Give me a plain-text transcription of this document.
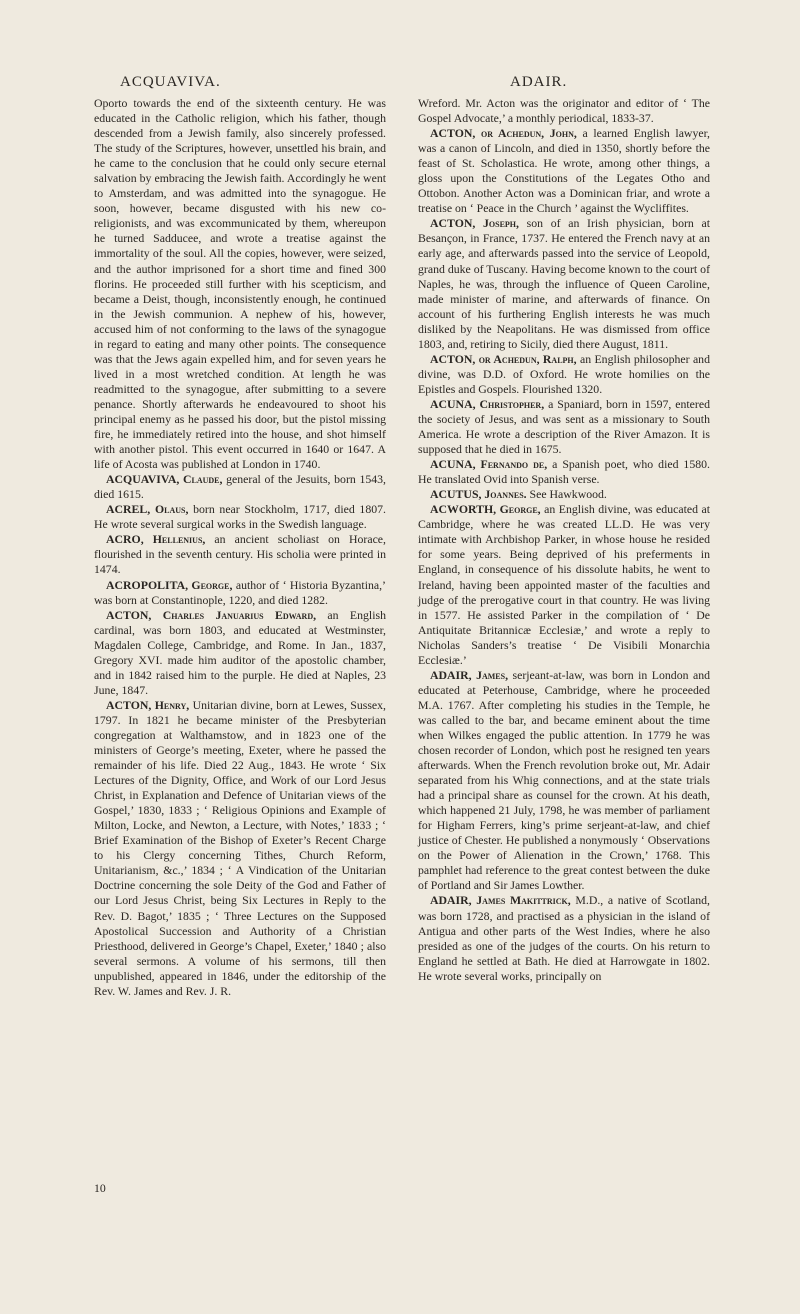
ACQUAVIVA.	ADAIR.

Oporto towards the end of the sixteenth century. He was educated in the Catholic religion, which his father, though descended from a Jewish family, also sincerely professed. The study of the Scriptures, however, unsettled his brain, and he came to the conclusion that he could only secure eternal salvation by embracing the Jewish faith. Accordingly he went to Amsterdam, and was admitted into the synagogue. He soon, however, became disgusted with his new co-religionists, and was excommunicated by them, whereupon he turned Sadducee, and wrote a treatise against the immortality of the soul. All the copies, however, were seized, and the author imprisoned for a short time and fined 300 florins. He proceeded still further with his scepticism, and became a Deist, though, inconsistently enough, he continued in the Jewish communion. A nephew of his, however, accused him of not conforming to the laws of the synagogue in regard to eating and many other points. The consequence was that the Jews again expelled him, and for seven years he lived in a most wretched condition. At length he was readmitted to the synagogue, after submitting to a severe penance. Shortly afterwards he endeavoured to shoot his principal enemy as he passed his door, but the pistol missing fire, he immediately retired into the house, and shot himself with another pistol. This event occurred in 1640 or 1647. A life of Acosta was published at London in 1740.

ACQUAVIVA, Claude, general of the Jesuits, born 1543, died 1615.

ACREL, Olaus, born near Stockholm, 1717, died 1807. He wrote several surgical works in the Swedish language.

ACRO, Hellenius, an ancient scholiast on Horace, flourished in the seventh century. His scholia were printed in 1474.

ACROPOLITA, George, author of ‘ Historia Byzantina,’ was born at Constantinople, 1220, and died 1282.

ACTON, Charles Januarius Edward, an English cardinal, was born 1803, and educated at Westminster, Magdalen College, Cambridge, and Rome. In Jan., 1837, Gregory XVI. made him auditor of the apostolic chamber, and in 1842 raised him to the purple. He died at Naples, 23 June, 1847.

ACTON, Henry, Unitarian divine, born at Lewes, Sussex, 1797. In 1821 he became minister of the Presbyterian congregation at Walthamstow, and in 1823 one of the ministers of George’s meeting, Exeter, where he passed the remainder of his life. Died 22 Aug., 1843. He wrote ‘ Six Lectures of the Dignity, Office, and Work of our Lord Jesus Christ, in Explanation and Defence of Unitarian views of the Gospel,’ 1830, 1833 ; ‘ Religious Opinions and Example of Milton, Locke, and Newton, a Lecture, with Notes,’ 1833 ; ‘ Brief Examination of the Bishop of Exeter’s Recent Charge to his Clergy concerning Tithes, Church Reform, Unitarianism, &c.,’ 1834 ; ‘ A Vindication of the Unitarian Doctrine concerning the sole Deity of the God and Father of our Lord Jesus Christ, being Six Lectures in Reply to the Rev. D. Bagot,’ 1835 ; ‘ Three Lectures on the Supposed Apostolical Succession and Authority of a Christian Priesthood, delivered in George’s Chapel, Exeter,’ 1840 ; also several sermons. A volume of his sermons, till then unpublished, appeared in 1846, under the editorship of the Rev. W. James and Rev. J. R.

Wreford. Mr. Acton was the originator and editor of ‘ The Gospel Advocate,’ a monthly periodical, 1833-37.

ACTON, or Achedun, John, a learned English lawyer, was a canon of Lincoln, and died in 1350, shortly before the feast of St. Scholastica. He wrote, among other things, a gloss upon the Constitutions of the Legates Otho and Ottobon. Another Acton was a Dominican friar, and wrote a treatise on ‘ Peace in the Church ’ against the Wycliffites.

ACTON, Joseph, son of an Irish physician, born at Besançon, in France, 1737. He entered the French navy at an early age, and afterwards passed into the service of Leopold, grand duke of Tuscany. Having become known to the court of Naples, he was, through the influence of Queen Caroline, made minister of marine, and afterwards of finance. On account of his furthering English interests he was much disliked by the Neapolitans. He was dismissed from office 1803, and, retiring to Sicily, died there August, 1811.

ACTON, or Achedun, Ralph, an English philosopher and divine, was D.D. of Oxford. He wrote homilies on the Epistles and Gospels. Flourished 1320.

ACUNA, Christopher, a Spaniard, born in 1597, entered the society of Jesus, and was sent as a missionary to South America. He wrote a description of the River Amazon. It is supposed that he died in 1675.

ACUNA, Fernando de, a Spanish poet, who died 1580. He translated Ovid into Spanish verse.

ACUTUS, Joannes. See Hawkwood.

ACWORTH, George, an English divine, was educated at Cambridge, where he was created LL.D. He was very intimate with Archbishop Parker, in whose house he resided for some years. Being deprived of his preferments in England, in consequence of his dissolute habits, he went to Ireland, having been appointed master of the faculties and judge of the prerogative court in that country. He was living in 1577. He assisted Parker in the compilation of ‘ De Antiquitate Britannicæ Ecclesiæ,’ and wrote a reply to Nicholas Sanders’s treatise ‘ De Visibili Monarchia Ecclesiæ.’

ADAIR, James, serjeant-at-law, was born in London and educated at Peterhouse, Cambridge, where he proceeded M.A. 1767. After completing his studies in the Temple, he was called to the bar, and became eminent about the time when Wilkes engaged the public attention. In 1779 he was chosen recorder of London, which post he resigned ten years afterwards. When the French revolution broke out, Mr. Adair separated from his Whig connections, and at the state trials had a principal share as counsel for the crown. At his death, which happened 21 July, 1798, he was member of parliament for Higham Ferrers, king’s prime serjeant-at-law, and chief justice of Chester. He published a nonymously ‘ Observations on the Power of Alienation in the Crown,’ 1768. This pamphlet had reference to the great contest between the duke of Portland and Sir James Lowther.

ADAIR, James Makittrick, M.D., a native of Scotland, was born 1728, and practised as a physician in the island of Antigua and other parts of the West Indies, where he also presided as one of the judges of the courts. On his return to England he settled at Bath. He died at Harrowgate in 1802. He wrote several works, principally on

10
